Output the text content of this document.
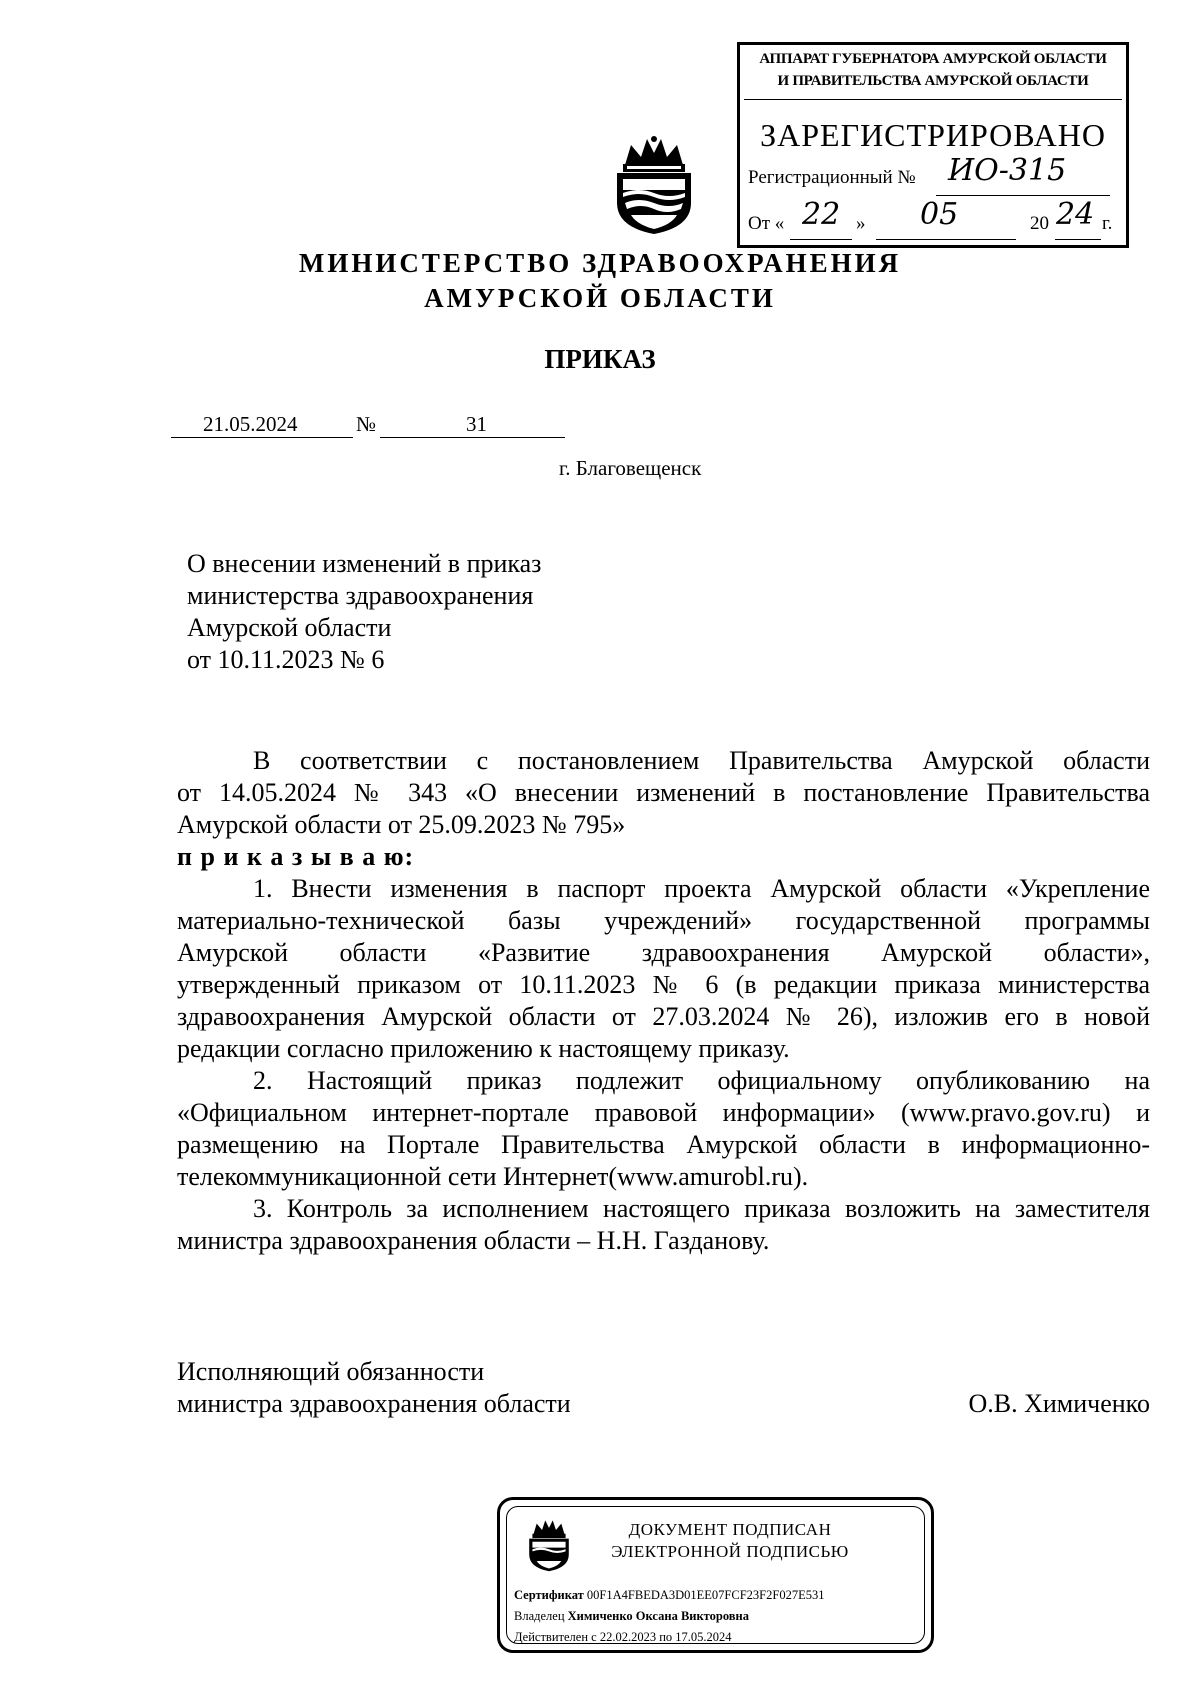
АППАРАТ ГУБЕРНАТОРА АМУРСКОЙ ОБЛАСТИ
И ПРАВИТЕЛЬСТВА АМУРСКОЙ ОБЛАСТИ
ЗАРЕГИСТРИРОВАНО
Регистрационный № ИО-315
От « 22 » 05	20 24 г.
МИНИСТЕРСТВО ЗДРАВООХРАНЕНИЯ
АМУРСКОЙ ОБЛАСТИ
ПРИКАЗ
21.05.2024	№	31
г. Благовещенск
О внесении изменений в приказ
министерства здравоохранения
Амурской области
от 10.11.2023 № 6
В соответствии с постановлением Правительства Амурской области
от 14.05.2024 № 343 «О внесении изменений в постановление Правительства
Амурской области от 25.09.2023 № 795»
п р и к а з ы в а ю:
1. Внести изменения в паспорт проекта Амурской области «Укрепление
материально-технической базы учреждений» государственной программы
Амурской области «Развитие здравоохранения Амурской области»,
утвержденный приказом от 10.11.2023 № 6 (в редакции приказа министерства
здравоохранения Амурской области от 27.03.2024 № 26), изложив его в новой
редакции согласно приложению к настоящему приказу.
2. Настоящий приказ подлежит официальному опубликованию на
«Официальном интернет-портале правовой информации» (www.pravo.gov.ru) и
размещению на Портале Правительства Амурской области в информационно-
телекоммуникационной сети Интернет(www.amurobl.ru).
3. Контроль за исполнением настоящего приказа возложить на заместителя
министра здравоохранения области – Н.Н. Газданову.
Исполняющий обязанности
министра здравоохранения области	О.В. Химиченко
ДОКУМЕНТ ПОДПИСАН
ЭЛЕКТРОННОЙ ПОДПИСЬЮ
Сертификат 00F1A4FBEDA3D01EE07FCF23F2F027E531
Владелец Химиченко Оксана Викторовна
Действителен с 22.02.2023 по 17.05.2024
